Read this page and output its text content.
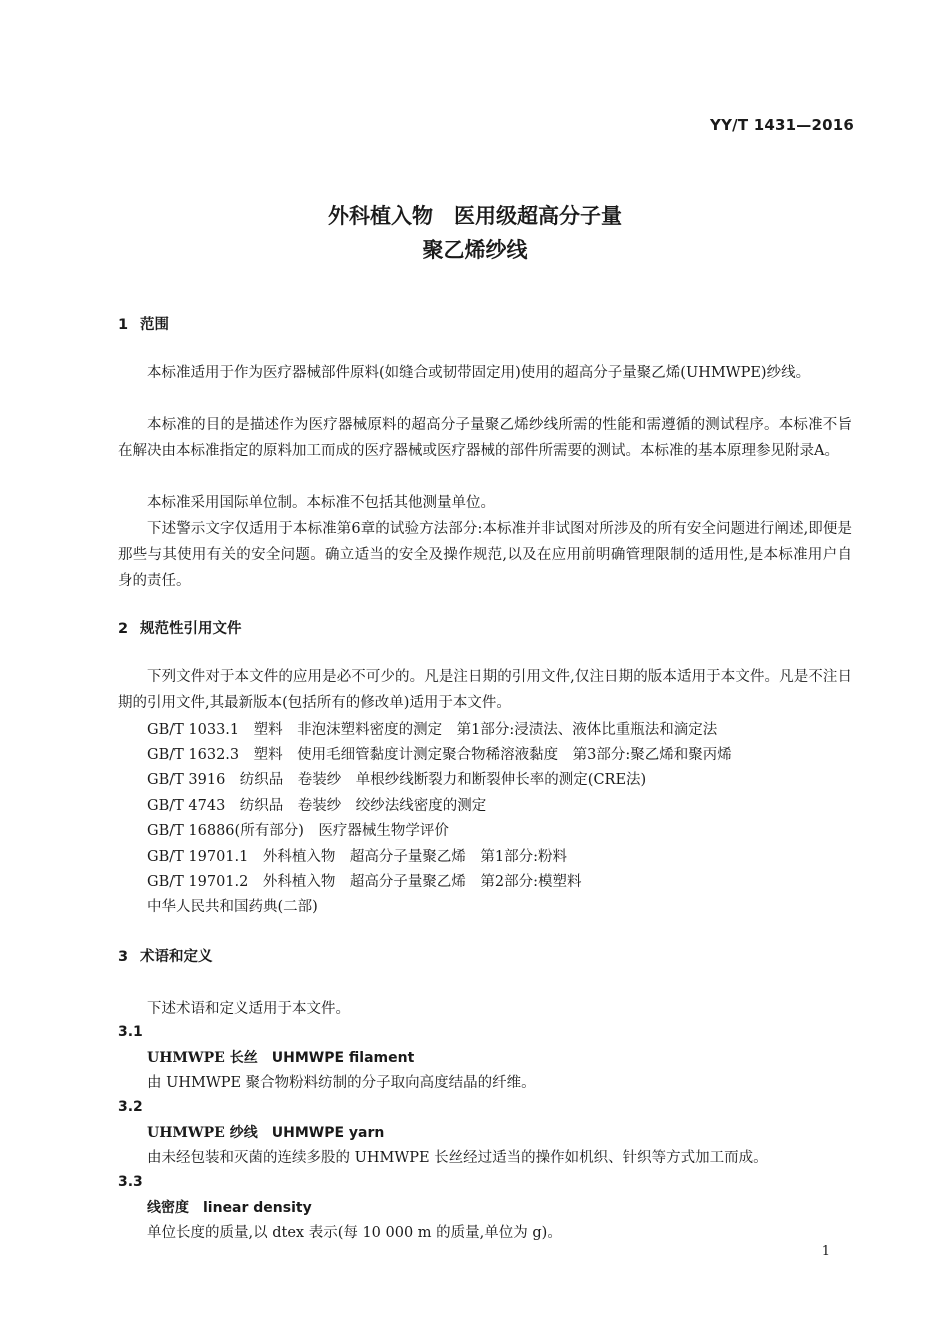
YY/T 1431—2016
外科植入物　医用级超高分子量
聚乙烯纱线
1 范围
本标准适用于作为医疗器械部件原料(如缝合或韧带固定用)使用的超高分子量聚乙烯(UHMWPE)纱线。
本标准的目的是描述作为医疗器械原料的超高分子量聚乙烯纱线所需的性能和需遵循的测试程序。本标准不旨在解决由本标准指定的原料加工而成的医疗器械或医疗器械的部件所需要的测试。本标准的基本原理参见附录A。
本标准采用国际单位制。本标准不包括其他测量单位。
下述警示文字仅适用于本标准第6章的试验方法部分:本标准并非试图对所涉及的所有安全问题进行阐述,即便是那些与其使用有关的安全问题。确立适当的安全及操作规范,以及在应用前明确管理限制的适用性,是本标准用户自身的责任。
2 规范性引用文件
下列文件对于本文件的应用是必不可少的。凡是注日期的引用文件,仅注日期的版本适用于本文件。凡是不注日期的引用文件,其最新版本(包括所有的修改单)适用于本文件。
GB/T 1033.1　塑料　非泡沫塑料密度的测定　第1部分:浸渍法、液体比重瓶法和滴定法
GB/T 1632.3　塑料　使用毛细管黏度计测定聚合物稀溶液黏度　第3部分:聚乙烯和聚丙烯
GB/T 3916　纺织品　卷装纱　单根纱线断裂力和断裂伸长率的测定(CRE法)
GB/T 4743　纺织品　卷装纱　绞纱法线密度的测定
GB/T 16886(所有部分)　医疗器械生物学评价
GB/T 19701.1　外科植入物　超高分子量聚乙烯　第1部分:粉料
GB/T 19701.2　外科植入物　超高分子量聚乙烯　第2部分:模塑料
中华人民共和国药典(二部)
3 术语和定义
下述术语和定义适用于本文件。
3.1
UHMWPE 长丝 UHMWPE filament
由 UHMWPE 聚合物粉料纺制的分子取向高度结晶的纤维。
3.2
UHMWPE 纱线 UHMWPE yarn
由未经包装和灭菌的连续多股的 UHMWPE 长丝经过适当的操作如机织、针织等方式加工而成。
3.3
线密度 linear density
单位长度的质量,以 dtex 表示(每 10 000 m 的质量,单位为 g)。
1
